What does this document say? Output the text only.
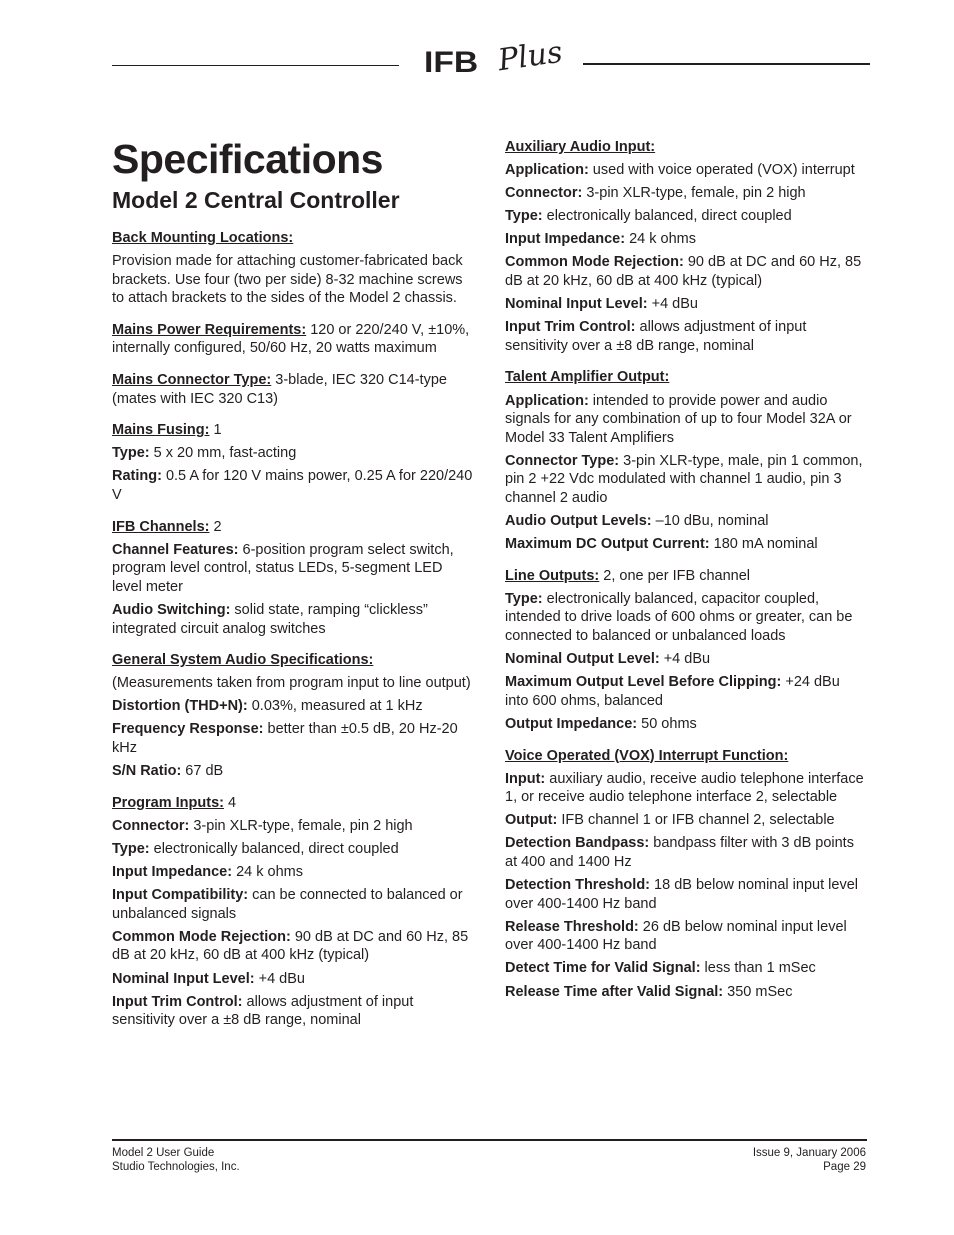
IFB Plus
Specifications
Model 2 Central Controller

Back Mounting Locations:

Provision made for attaching customer-fabricated back brackets. Use four (two per side) 8-32 machine screws to attach brackets to the sides of the Model 2 chassis.

Mains Power Requirements: 120 or 220/240 V, ±10%, internally configured, 50/60 Hz, 20 watts maximum

Mains Connector Type: 3-blade, IEC 320 C14-type (mates with IEC 320 C13)

Mains Fusing: 1

Type: 5 x 20 mm, fast-acting

Rating: 0.5 A for 120 V mains power, 0.25 A for 220/240 V

IFB Channels: 2

Channel Features: 6-position program select switch, program level control, status LEDs, 5-segment LED level meter

Audio Switching: solid state, ramping “clickless” integrated circuit analog switches

General System Audio Specifications:

(Measurements taken from program input to line output)

Distortion (THD+N): 0.03%, measured at 1 kHz

Frequency Response: better than ±0.5 dB, 20 Hz-20 kHz

S/N Ratio: 67 dB

Program Inputs: 4

Connector: 3-pin XLR-type, female, pin 2 high

Type: electronically balanced, direct coupled

Input Impedance: 24 k ohms

Input Compatibility: can be connected to balanced or unbalanced signals

Common Mode Rejection: 90 dB at DC and 60 Hz, 85 dB at 20 kHz, 60 dB at 400 kHz (typical)

Nominal Input Level: +4 dBu

Input Trim Control: allows adjustment of input sensitivity over a ±8 dB range, nominal

Auxiliary Audio Input:

Application: used with voice operated (VOX) interrupt

Connector: 3-pin XLR-type, female, pin 2 high

Type: electronically balanced, direct coupled

Input Impedance: 24 k ohms

Common Mode Rejection: 90 dB at DC and 60 Hz, 85 dB at 20 kHz, 60 dB at 400 kHz (typical)

Nominal Input Level: +4 dBu

Input Trim Control: allows adjustment of input sensitivity over a ±8 dB range, nominal

Talent Amplifier Output:

Application: intended to provide power and audio signals for any combination of up to four Model 32A or Model 33 Talent Amplifiers

Connector Type: 3-pin XLR-type, male, pin 1 common, pin 2 +22 Vdc modulated with channel 1 audio, pin 3 channel 2 audio

Audio Output Levels: –10 dBu, nominal

Maximum DC Output Current: 180 mA nominal

Line Outputs: 2, one per IFB channel

Type: electronically balanced, capacitor coupled, intended to drive loads of 600 ohms or greater, can be connected to balanced or unbalanced loads

Nominal Output Level: +4 dBu

Maximum Output Level Before Clipping: +24 dBu into 600 ohms, balanced

Output Impedance: 50 ohms

Voice Operated (VOX) Interrupt Function:

Input: auxiliary audio, receive audio telephone interface 1, or receive audio telephone interface 2, selectable

Output: IFB channel 1 or IFB channel 2, selectable

Detection Bandpass: bandpass filter with 3 dB points at 400 and 1400 Hz

Detection Threshold: 18 dB below nominal input level over 400-1400 Hz band

Release Threshold: 26 dB below nominal input level over 400-1400 Hz band

Detect Time for Valid Signal: less than 1 mSec

Release Time after Valid Signal: 350 mSec

Model 2 User Guide
Studio Technologies, Inc.
Issue 9, January 2006
Page 29
